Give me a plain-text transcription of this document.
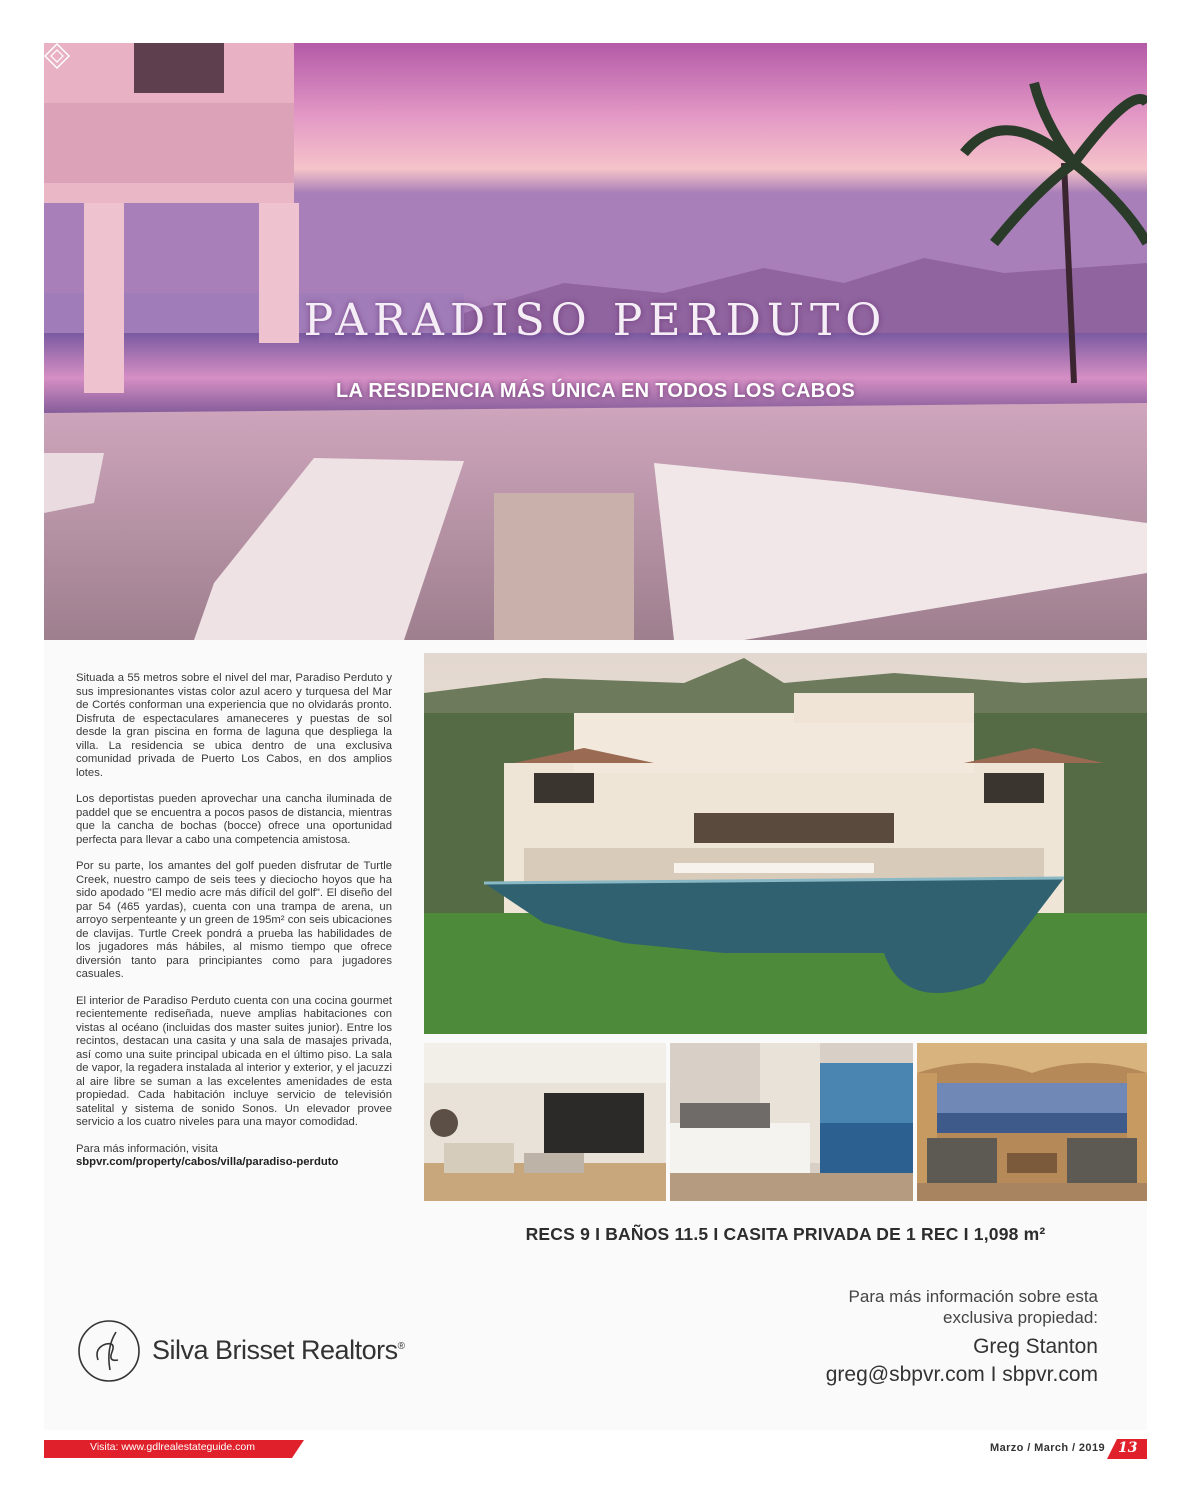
PARADISO PERDUTO
LA RESIDENCIA MÁS ÚNICA EN TODOS LOS CABOS

Situada a 55 metros sobre el nivel del mar, Paradiso Perduto y sus impresionantes vistas color azul acero y turquesa del Mar de Cortés conforman una experiencia que no olvidarás pronto. Disfruta de espectaculares amaneceres y puestas de sol desde la gran piscina en forma de laguna que despliega la villa. La residencia se ubica dentro de una exclusiva comunidad privada de Puerto Los Cabos, en dos amplios lotes.

Los deportistas pueden aprovechar una cancha iluminada de paddel que se encuentra a pocos pasos de distancia, mientras que la cancha de bochas (bocce) ofrece una oportunidad perfecta para llevar a cabo una competencia amistosa.

Por su parte, los amantes del golf pueden disfrutar de Turtle Creek, nuestro campo de seis tees y dieciocho hoyos que ha sido apodado "El medio acre más difícil del golf". El diseño del par 54 (465 yardas), cuenta con una trampa de arena, un arroyo serpenteante y un green de 195m² con seis ubicaciones de clavijas. Turtle Creek pondrá a prueba las habilidades de los jugadores más hábiles, al mismo tiempo que ofrece diversión tanto para principiantes como para jugadores casuales.

El interior de Paradiso Perduto cuenta con una cocina gourmet recientemente rediseñada, nueve amplias habitaciones con vistas al océano (incluidas dos master suites junior). Entre los recintos, destacan una casita y una sala de masajes privada, así como una suite principal ubicada en el último piso. La sala de vapor, la regadera instalada al interior y exterior, y el jacuzzi al aire libre se suman a las excelentes amenidades de esta propiedad. Cada habitación incluye servicio de televisión satelital y sistema de sonido Sonos. Un elevador provee servicio a los cuatro niveles para una mayor comodidad.

Para más información, visita
sbpvr.com/property/cabos/villa/paradiso-perduto
RECS 9 I BAÑOS 11.5 I CASITA PRIVADA DE 1 REC I 1,098 m²
Para más información sobre esta
exclusiva propiedad:
Greg Stanton
greg@sbpvr.com I sbpvr.com
Silva Brisset Realtors®
Visita: www.gdlrealestateguide.com	Marzo / March / 2019 13
